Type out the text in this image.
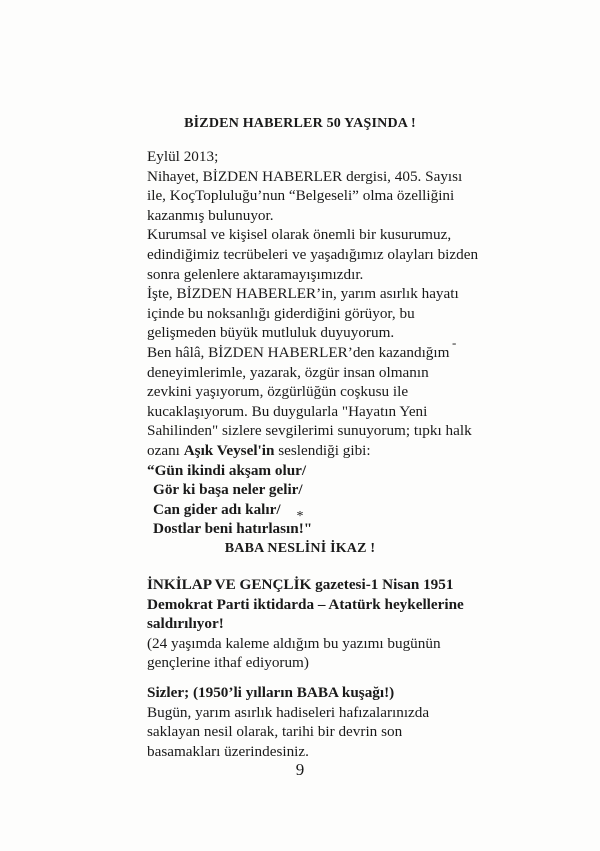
BİZDEN HABERLER 50 YAŞINDA !
Eylül 2013;
Nihayet, BİZDEN HABERLER dergisi, 405. Sayısı
ile, KoçTopluluğu’nun “Belgeseli” olma özelliğini
kazanmış bulunuyor.
Kurumsal ve kişisel olarak önemli bir kusurumuz,
edindiğimiz tecrübeleri ve yaşadığımız olayları bizden
sonra gelenlere aktaramayışımızdır.
İşte, BİZDEN HABERLER’in, yarım asırlık hayatı
içinde bu noksanlığı giderdiğini görüyor, bu
gelişmeden büyük mutluluk duyuyorum.
Ben hâlâ, BİZDEN HABERLER’den kazandığım
deneyimlerimle, yazarak, özgür insan olmanın
zevkini yaşıyorum, özgürlüğün coşkusu ile
kucaklaşıyorum. Bu duygularla "Hayatın Yeni
Sahilinden" sizlere sevgilerimi sunuyorum; tıpkı halk
ozanı Aşık Veysel'in seslendiği gibi:
“Gün ikindi akşam olur/
Gör ki başa neler gelir/
Can gider adı kalır/
Dostlar beni hatırlasın!"
-
*
BABA NESLİNİ İKAZ !
İNKİLAP VE GENÇLİK gazetesi-1 Nisan 1951
Demokrat Parti iktidarda – Atatürk heykellerine
saldırılıyor!
(24 yaşımda kaleme aldığım bu yazımı bugünün
gençlerine ithaf ediyorum)
Sizler; (1950’li yılların BABA kuşağı!)
Bugün, yarım asırlık hadiseleri hafızalarınızda
saklayan nesil olarak, tarihi bir devrin son
basamakları üzerindesiniz.
9
